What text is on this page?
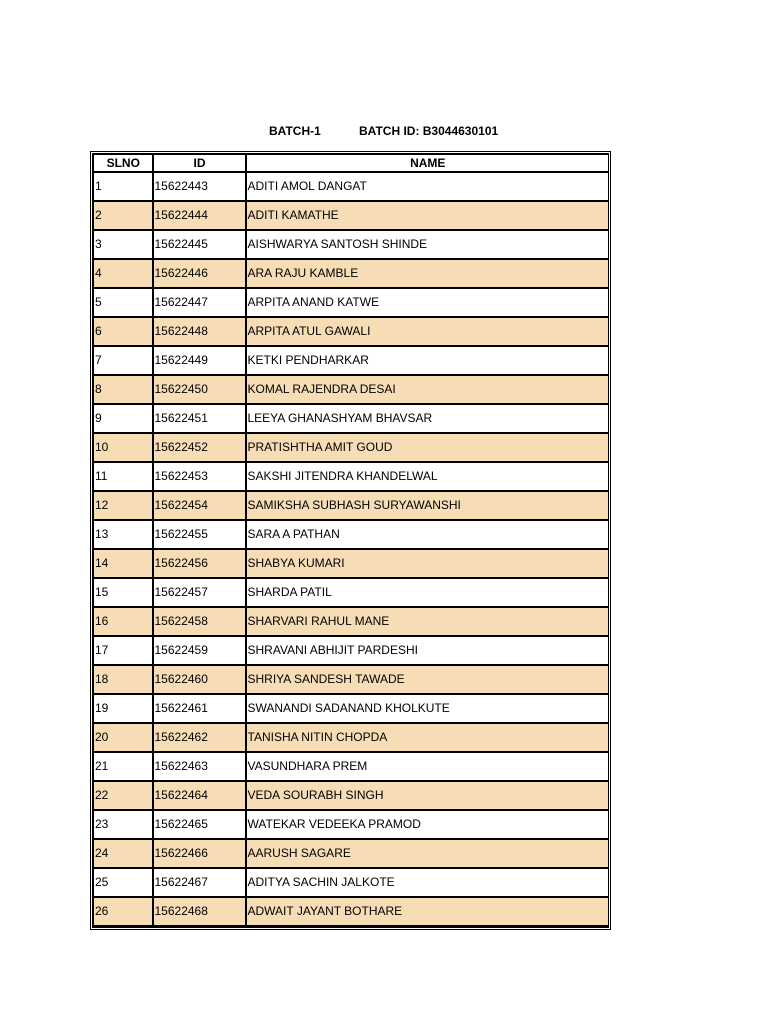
BATCH-1	BATCH ID: B3044630101
SLNO	ID	NAME
1	15622443	ADITI AMOL DANGAT
2	15622444	ADITI KAMATHE
3	15622445	AISHWARYA SANTOSH SHINDE
4	15622446	ARA RAJU KAMBLE
5	15622447	ARPITA ANAND KATWE
6	15622448	ARPITA ATUL GAWALI
7	15622449	KETKI PENDHARKAR
8	15622450	KOMAL RAJENDRA DESAI
9	15622451	LEEYA GHANASHYAM BHAVSAR
10	15622452	PRATISHTHA AMIT GOUD
11	15622453	SAKSHI JITENDRA KHANDELWAL
12	15622454	SAMIKSHA SUBHASH SURYAWANSHI
13	15622455	SARA A PATHAN
14	15622456	SHABYA KUMARI
15	15622457	SHARDA PATIL
16	15622458	SHARVARI RAHUL MANE
17	15622459	SHRAVANI ABHIJIT PARDESHI
18	15622460	SHRIYA SANDESH TAWADE
19	15622461	SWANANDI SADANAND KHOLKUTE
20	15622462	TANISHA NITIN CHOPDA
21	15622463	VASUNDHARA PREM
22	15622464	VEDA SOURABH SINGH
23	15622465	WATEKAR VEDEEKA PRAMOD
24	15622466	AARUSH SAGARE
25	15622467	ADITYA SACHIN JALKOTE
26	15622468	ADWAIT JAYANT BOTHARE
